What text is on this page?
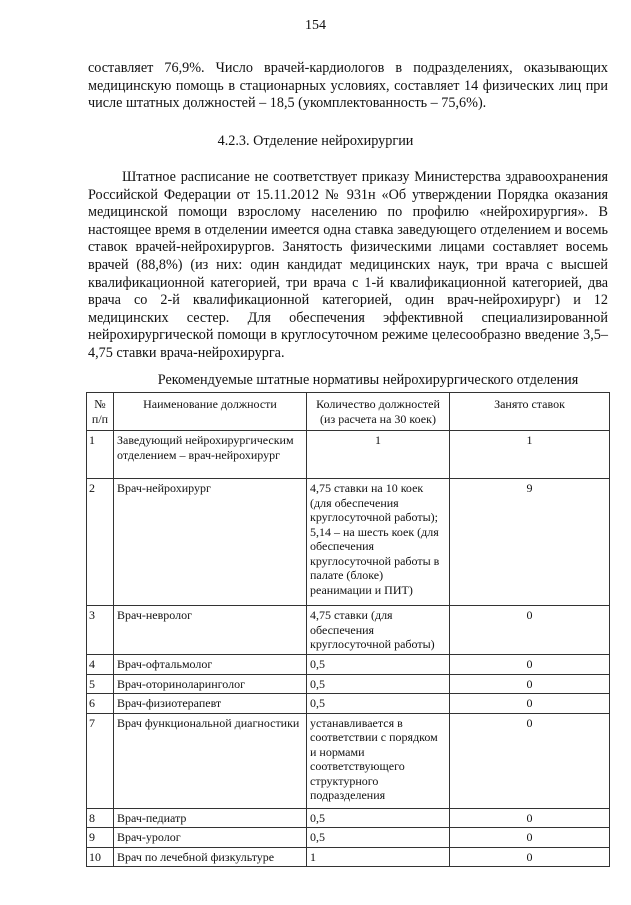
154
составляет 76,9%. Число врачей-кардиологов в подразделениях, оказывающих медицинскую помощь в стационарных условиях, составляет 14 физических лиц при числе штатных должностей – 18,5 (укомплектованность – 75,6%).
4.2.3. Отделение нейрохирургии
Штатное расписание не соответствует приказу Министерства здравоохранения Российской Федерации от 15.11.2012 № 931н «Об утверждении Порядка оказания медицинской помощи взрослому населению по профилю «нейрохирургия». В настоящее время в отделении имеется одна ставка заведующего отделением и восемь ставок врачей-нейрохирургов. Занятость физическими лицами составляет восемь врачей (88,8%) (из них: один кандидат медицинских наук, три врача с высшей квалификационной категорией, три врача с 1-й квалификационной категорией, два врача со 2-й квалификационной категорией, один врач-нейрохирург) и 12 медицинских сестер. Для обеспечения эффективной специализированной нейрохирургической помощи в круглосуточном режиме целесообразно введение 3,5–4,75 ставки врача-нейрохирурга.
Рекомендуемые штатные нормативы нейрохирургического отделения
№ п/п	Наименование должности	Количество должностей (из расчета на 30 коек)	Занято ставок
1	Заведующий нейрохирургическим отделением – врач-нейрохирург	1	1
2	Врач-нейрохирург	4,75 ставки на 10 коек (для обеспечения круглосуточной работы); 5,14 – на шесть коек (для обеспечения круглосуточной работы в палате (блоке) реанимации и ПИТ)	9
3	Врач-невролог	4,75 ставки (для обеспечения круглосуточной работы)	0
4	Врач-офтальмолог	0,5	0
5	Врач-оториноларинголог	0,5	0
6	Врач-физиотерапевт	0,5	0
7	Врач функциональной диагностики	устанавливается в соответствии с порядком и нормами соответствующего структурного подразделения	0
8	Врач-педиатр	0,5	0
9	Врач-уролог	0,5	0
10	Врач по лечебной физкультуре	1	0
